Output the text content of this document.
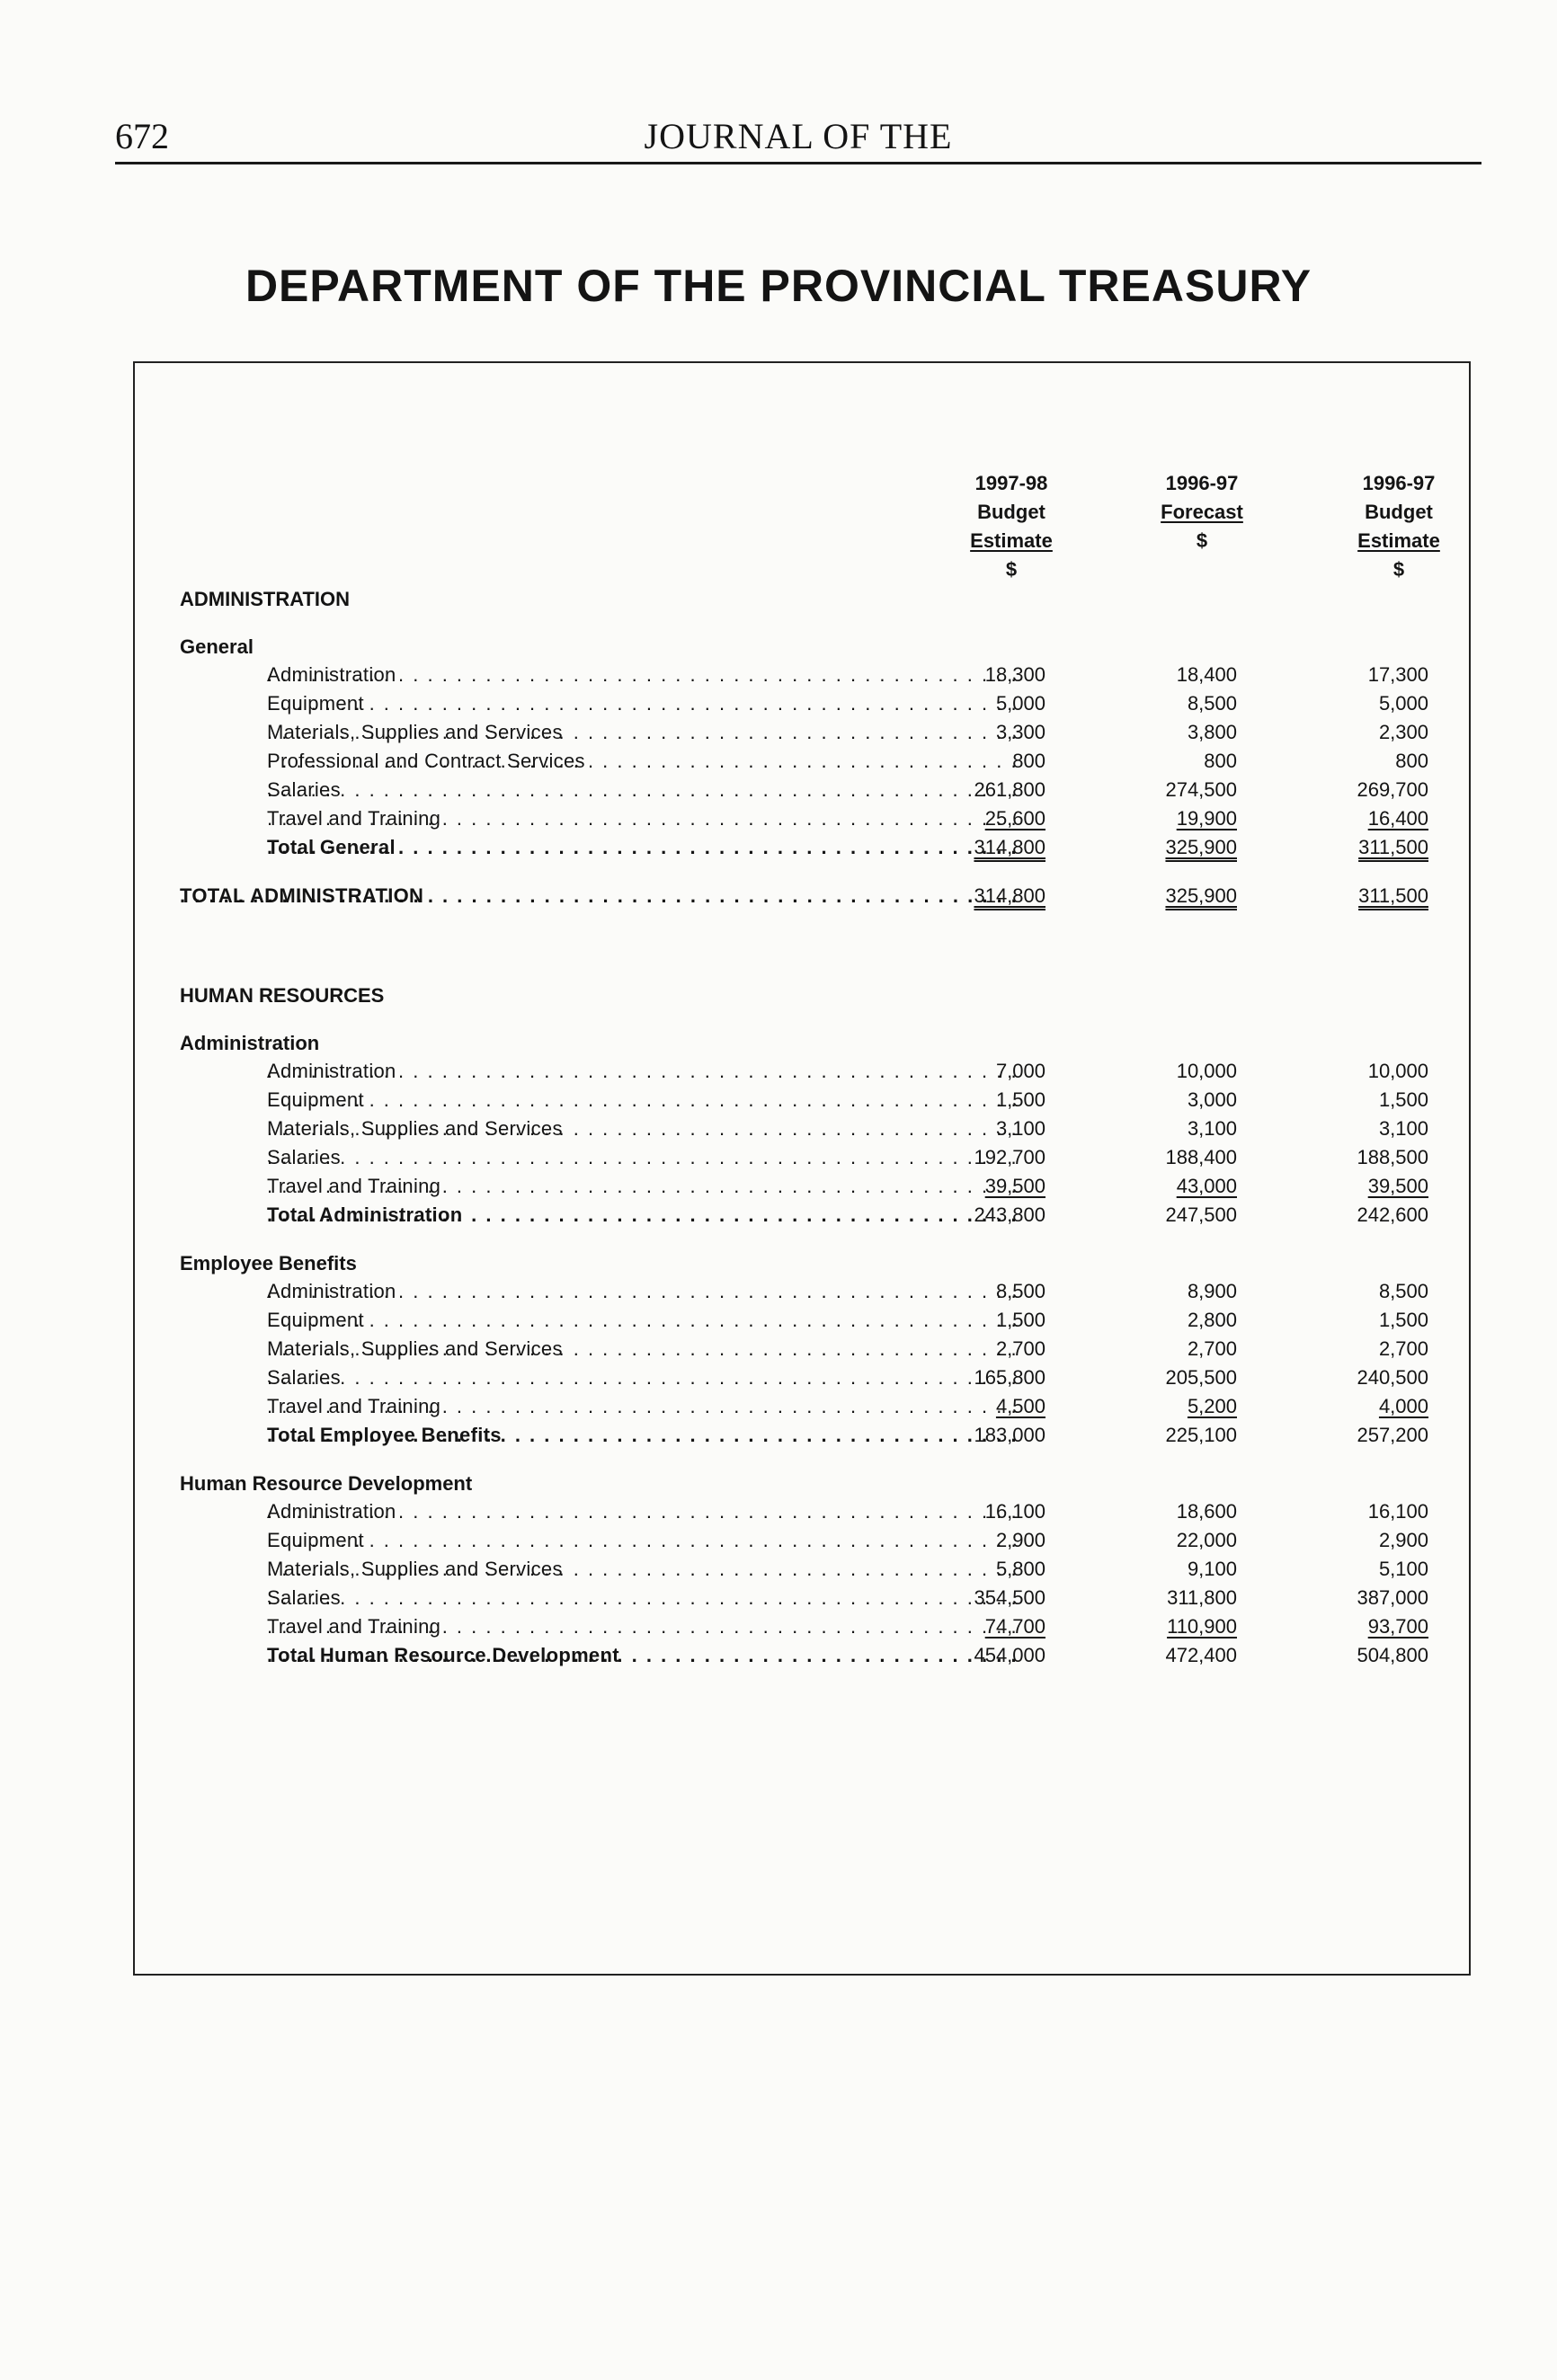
672	JOURNAL OF THE
DEPARTMENT OF THE PROVINCIAL TREASURY
1997-98
Budget
Estimate
$
1996-97
Forecast
$
1996-97
Budget
Estimate
$
ADMINISTRATION
General
. . .
Administration	18,300	18,400	17,300
. . .
Equipment	5,000	8,500	5,000
. . .
Materials, Supplies and Services	3,300	3,800	2,300
. . .
Professional and Contract Services	800	800	800
. . .
Salaries	261,800	274,500	269,700
. . .
Travel and Training	25,600	19,900	16,400
. . .
Total General	314,800	325,900	311,500
. . .
TOTAL ADMINISTRATION	314,800	325,900	311,500
HUMAN RESOURCES
Administration
. . .
Administration	7,000	10,000	10,000
. . .
Equipment	1,500	3,000	1,500
. . .
Materials, Supplies and Services	3,100	3,100	3,100
. . .
Salaries	192,700	188,400	188,500
. . .
Travel and Training	39,500	43,000	39,500
. . .
Total Administration	243,800	247,500	242,600
Employee Benefits
. . .
Administration	8,500	8,900	8,500
. . .
Equipment	1,500	2,800	1,500
. . .
Materials, Supplies and Services	2,700	2,700	2,700
. . .
Salaries	165,800	205,500	240,500
. . .
Travel and Training	4,500	5,200	4,000
. . .
Total Employee Benefits	183,000	225,100	257,200
Human Resource Development
. . .
Administration	16,100	18,600	16,100
. . .
Equipment	2,900	22,000	2,900
. . .
Materials, Supplies and Services	5,800	9,100	5,100
. . .
Salaries	354,500	311,800	387,000
. . .
Travel and Training	74,700	110,900	93,700
. . .
Total Human Resource Development	454,000	472,400	504,800
